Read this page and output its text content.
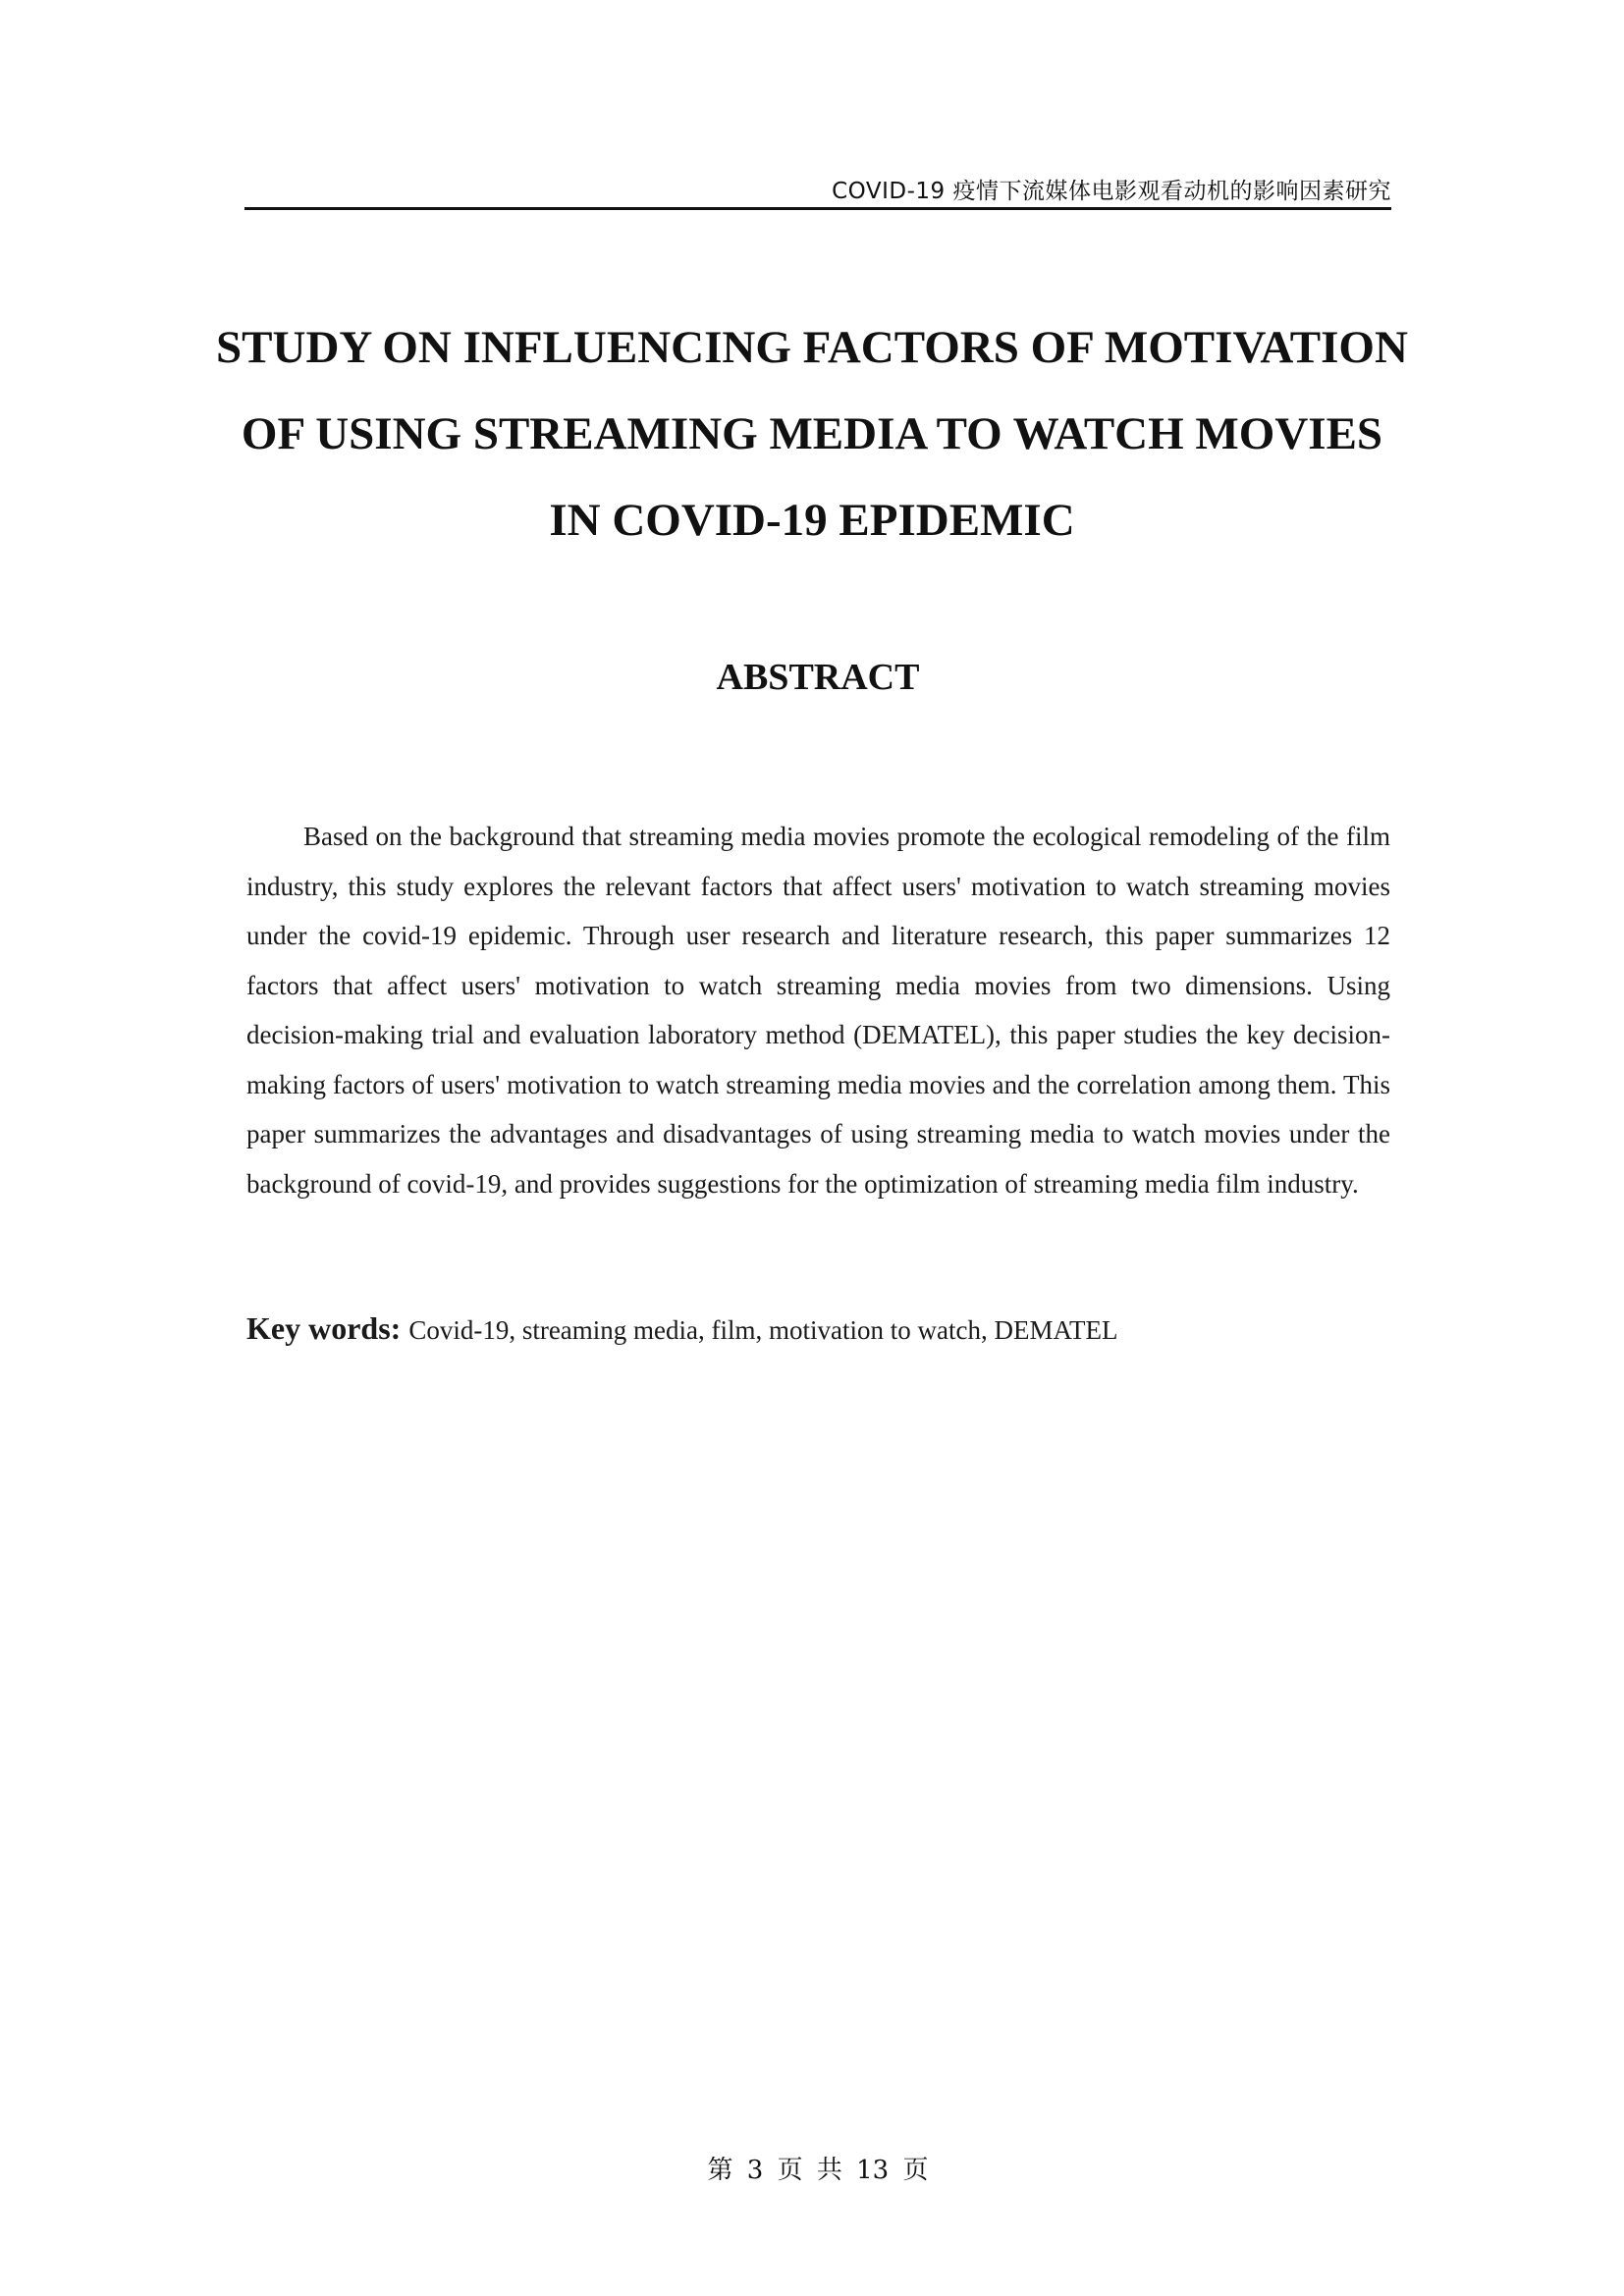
COVID-19 疫情下流媒体电影观看动机的影响因素研究
STUDY ON INFLUENCING FACTORS OF MOTIVATION
OF USING STREAMING MEDIA TO WATCH MOVIES
IN COVID-19 EPIDEMIC
ABSTRACT

Based on the background that streaming media movies promote the ecological remodeling of the film industry, this study explores the relevant factors that affect users' motivation to watch streaming movies under the covid-19 epidemic. Through user research and literature research, this paper summarizes 12 factors that affect users' motivation to watch streaming media movies from two dimensions. Using decision-making trial and evaluation laboratory method (DEMATEL), this paper studies the key decision-making factors of users' motivation to watch streaming media movies and the correlation among them. This paper summarizes the advantages and disadvantages of using streaming media to watch movies under the background of covid-19, and provides suggestions for the optimization of streaming media film industry.

Key words: Covid-19, streaming media, film, motivation to watch, DEMATEL
第 3 页 共 13 页
